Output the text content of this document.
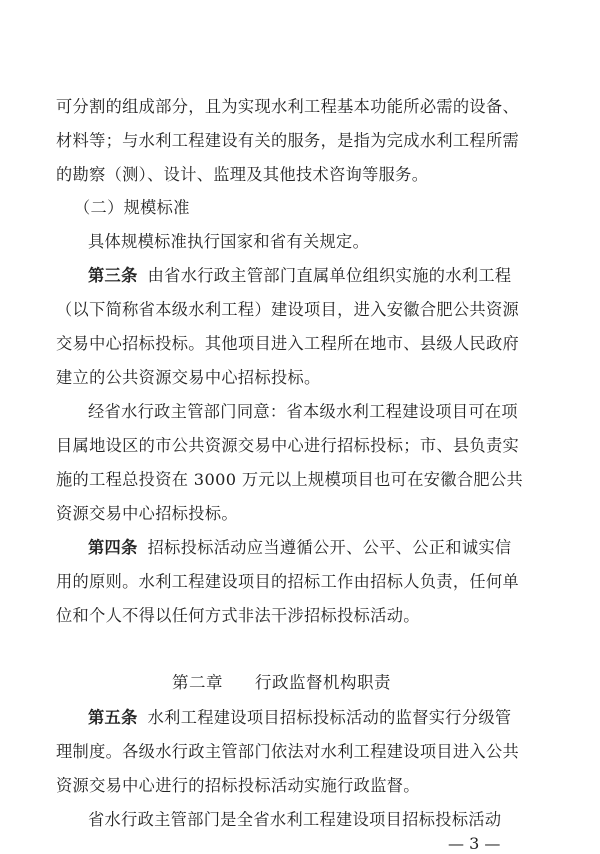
可分割的组成部分，且为实现水利工程基本功能所必需的设备、
材料等；与水利工程建设有关的服务，是指为完成水利工程所需
的勘察（测）、设计、监理及其他技术咨询等服务。
（二）规模标准
具体规模标准执行国家和省有关规定。
第三条 由省水行政主管部门直属单位组织实施的水利工程
（以下简称省本级水利工程）建设项目，进入安徽合肥公共资源
交易中心招标投标。其他项目进入工程所在地市、县级人民政府
建立的公共资源交易中心招标投标。
经省水行政主管部门同意：省本级水利工程建设项目可在项
目属地设区的市公共资源交易中心进行招标投标；市、县负责实
施的工程总投资在 3000 万元以上规模项目也可在安徽合肥公共
资源交易中心招标投标。
第四条 招标投标活动应当遵循公开、公平、公正和诚实信
用的原则。水利工程建设项目的招标工作由招标人负责，任何单
位和个人不得以任何方式非法干涉招标投标活动。
第二章 行政监督机构职责
第五条 水利工程建设项目招标投标活动的监督实行分级管
理制度。各级水行政主管部门依法对水利工程建设项目进入公共
资源交易中心进行的招标投标活动实施行政监督。
省水行政主管部门是全省水利工程建设项目招标投标活动
— 3 —
